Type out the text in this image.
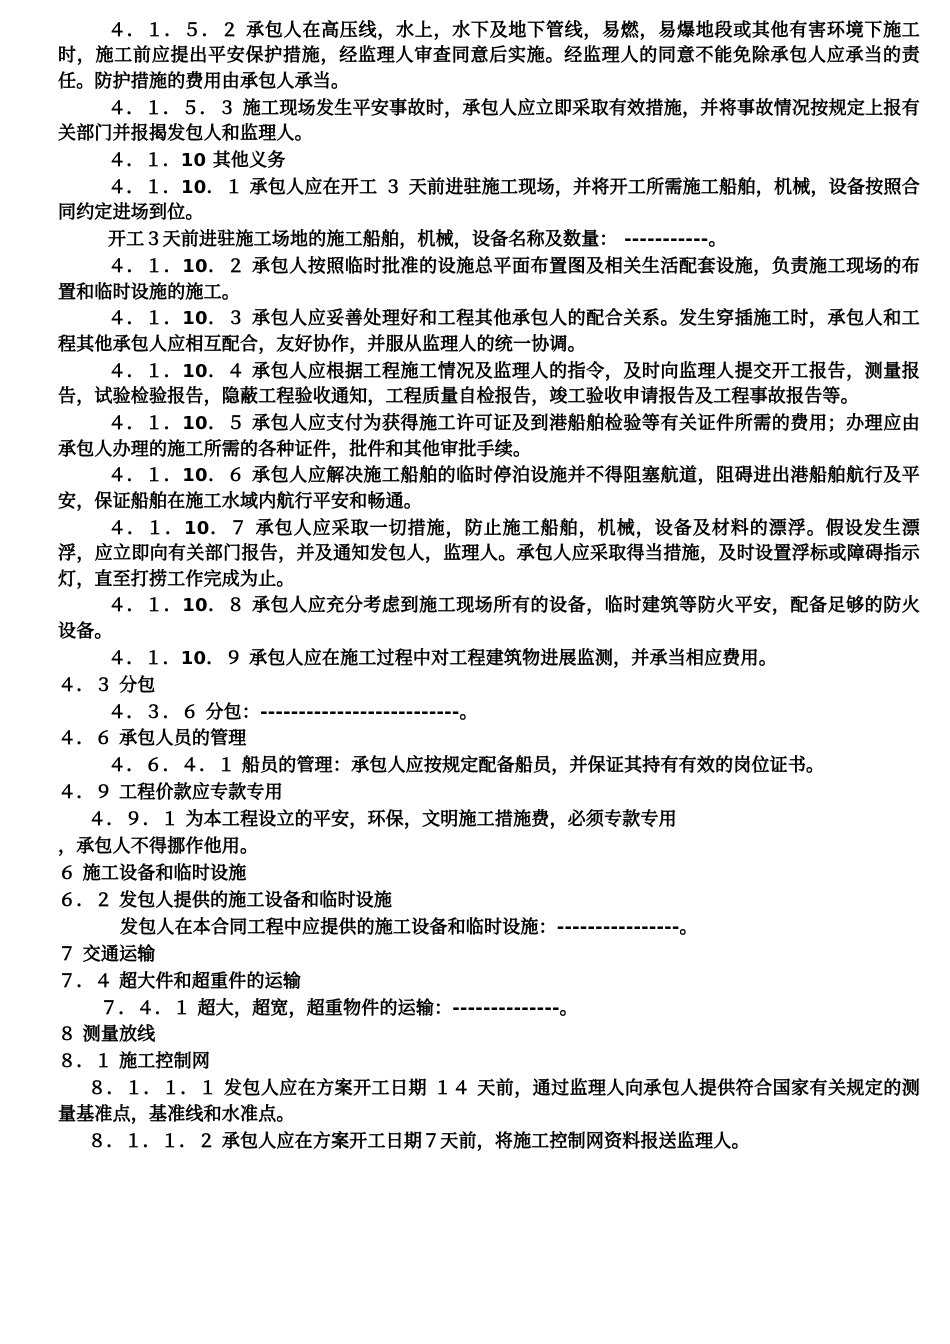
４．１．５．２ 承包人在高压线，水上，水下及地下管线，易燃，易爆地段或其他有害环境下施工时，施工前应提出平安保护措施，经监理人审查同意后实施。经监理人的同意不能免除承包人应承当的责任。防护措施的费用由承包人承当。

４．１．５．３ 施工现场发生平安事故时，承包人应立即采取有效措施，并将事故情况按规定上报有关部门并报揭发包人和监理人。

４．１．10 其他义务

４．１．10．１ 承包人应在开工 ３ 天前进驻施工现场，并将开工所需施工船舶，机械，设备按照合同约定进场到位。

开工３天前进驻施工场地的施工船舶，机械，设备名称及数量： -----------。

４．１．10．２ 承包人按照临时批准的设施总平面布置图及相关生活配套设施，负责施工现场的布置和临时设施的施工。

４．１．10．３ 承包人应妥善处理好和工程其他承包人的配合关系。发生穿插施工时，承包人和工程其他承包人应相互配合，友好协作，并服从监理人的统一协调。

４．１．10．４ 承包人应根据工程施工情况及监理人的指令，及时向监理人提交开工报告，测量报告，试验检验报告，隐蔽工程验收通知，工程质量自检报告，竣工验收申请报告及工程事故报告等。

４．１．10．５ 承包人应支付为获得施工许可证及到港船舶检验等有关证件所需的费用；办理应由承包人办理的施工所需的各种证件，批件和其他审批手续。

４．１．10．６ 承包人应解决施工船舶的临时停泊设施并不得阻塞航道，阻碍进出港船舶航行及平安，保证船舶在施工水域内航行平安和畅通。

４．１．10．７ 承包人应采取一切措施，防止施工船舶，机械，设备及材料的漂浮。假设发生漂浮，应立即向有关部门报告，并及通知发包人，监理人。承包人应采取得当措施，及时设置浮标或障碍指示灯，直至打捞工作完成为止。

４．１．10．８ 承包人应充分考虑到施工现场所有的设备，临时建筑等防火平安，配备足够的防火设备。

４．１．10．９ 承包人应在施工过程中对工程建筑物进展监测，并承当相应费用。

４．３ 分包

４．３．６ 分包：--------------------------。

４．６ 承包人员的管理

４．６．４．１ 船员的管理：承包人应按规定配备船员，并保证其持有有效的岗位证书。

４．９ 工程价款应专款专用

４．９．１ 为本工程设立的平安，环保，文明施工措施费，必须专款专用

，承包人不得挪作他用。

６ 施工设备和临时设施

６．２ 发包人提供的施工设备和临时设施

发包人在本合同工程中应提供的施工设备和临时设施：----------------。

７ 交通运输

７．４ 超大件和超重件的运输

７．４．１ 超大，超宽，超重物件的运输：--------------。

８ 测量放线

８．１ 施工控制网

８．１．１．１ 发包人应在方案开工日期 １４ 天前，通过监理人向承包人提供符合国家有关规定的测量基准点，基准线和水准点。

８．１．１．２ 承包人应在方案开工日期７天前，将施工控制网资料报送监理人。
